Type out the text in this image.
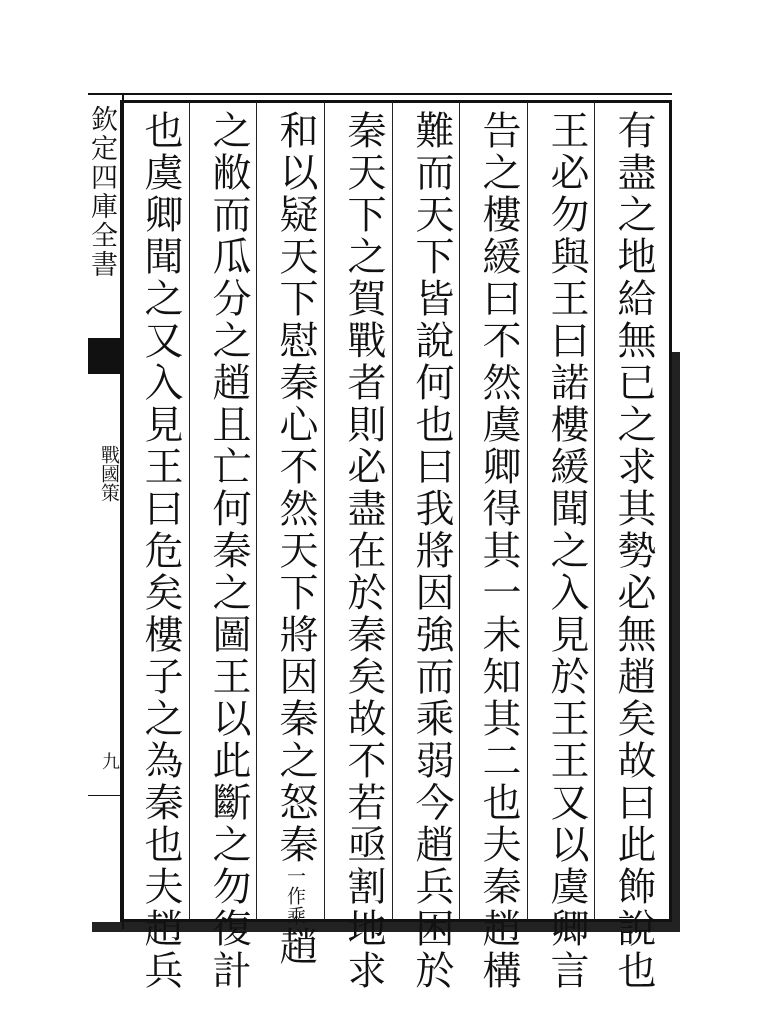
欽定四庫全書
戰國策
九	有盡之地給無已之求其勢必無趙矣故曰此飾說也
王必勿與王曰諾樓緩聞之入見於王王又以虞卿言
告之樓緩曰不然虞卿得其一未知其二也夫秦趙構
難而天下皆說何也曰我將因強而乘弱今趙兵困於
秦天下之賀戰者則必盡在於秦矣故不若亟割地求
和以疑天下慰秦心不然天下將因秦之怒秦一作乘趙
之敝而瓜分之趙且亡何秦之圖王以此斷之勿復計
也虞卿聞之又入見王曰危矣樓子之為秦也夫趙兵
